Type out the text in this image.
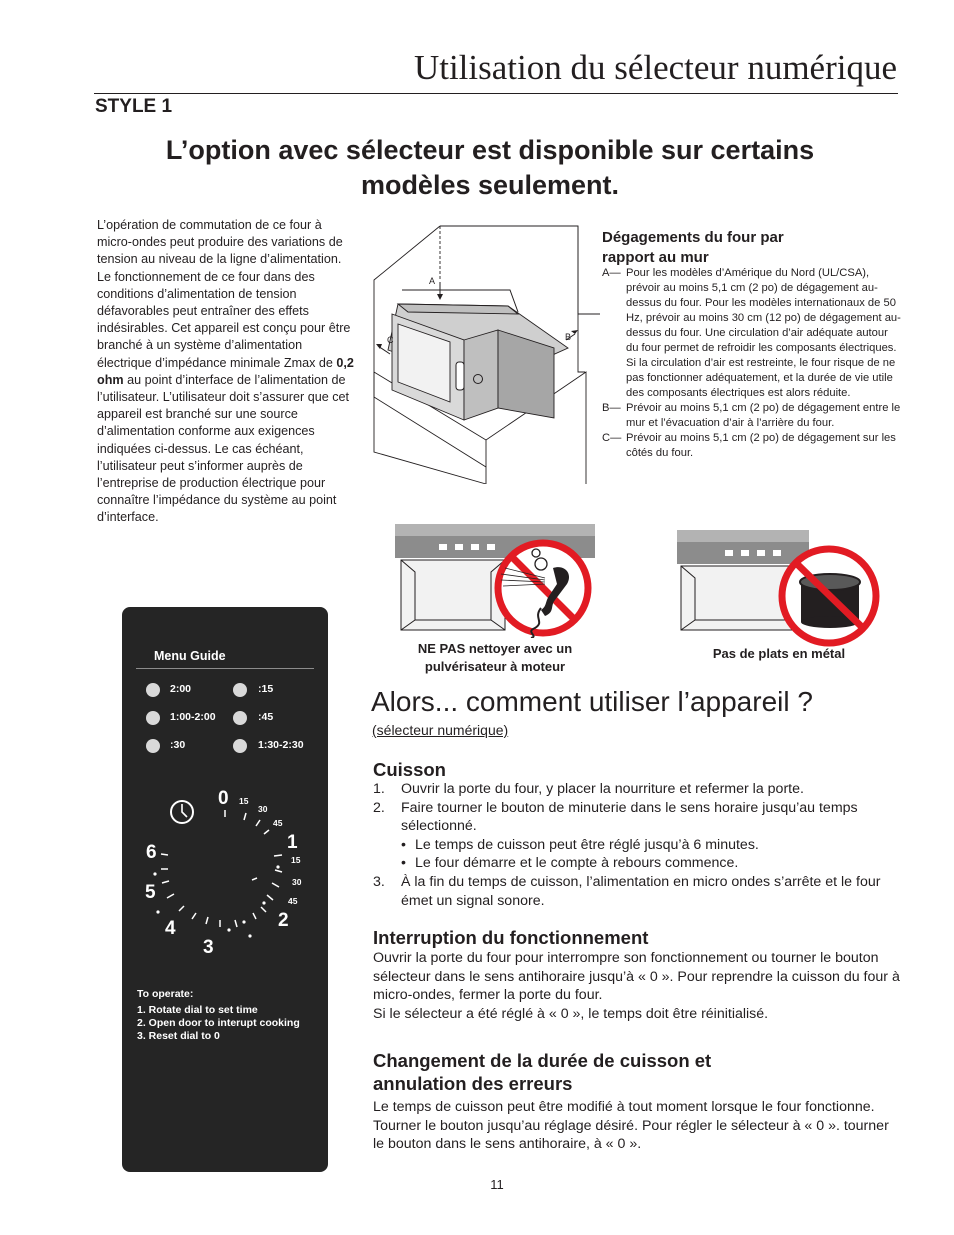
Utilisation du sélecteur numérique
STYLE 1
L’option avec sélecteur est disponible sur certains
modèles seulement.
L’opération de commutation de ce four à micro-ondes peut produire des variations de tension au niveau de la ligne d’alimentation. Le fonctionnement de ce four dans des conditions d’alimentation de tension défavorables peut entraîner des effets indésirables. Cet appareil est conçu pour être branché à un système d’alimentation électrique d’impédance minimale Zmax de 0,2 ohm au point d’interface de l’alimentation de l’utilisateur. L’utilisateur doit s’assurer que cet appareil est branché sur une source d’alimentation conforme aux exigences indiquées ci-dessus. Le cas échéant, l’utilisateur peut s’informer auprès de l’entreprise de production électrique pour connaître l’impédance du système au point d’interface.
A
B
C
Dégagements du four par
rapport au mur
A— Pour les modèles d’Amérique du Nord (UL/CSA), prévoir au moins 5,1 cm (2 po) de dégagement au-dessus du four. Pour les modèles internationaux de 50 Hz, prévoir au moins 30 cm (12 po) de dégagement au-dessus du four. Une circulation d’air adéquate autour du four permet de refroidir les composants électriques. Si la circulation d’air est restreinte, le four risque de ne pas fonctionner adéquatement, et la durée de vie utile des composants électriques est alors réduite.
B— Prévoir au moins 5,1 cm (2 po) de dégagement entre le mur et l’évacuation d’air à l’arrière du four.
C— Prévoir au moins 5,1 cm (2 po) de dégagement sur les côtés du four.
NE PAS nettoyer avec un
pulvérisateur à moteur
Pas de plats en métal
Menu Guide
2:00	:15
1:00-2:00	:45
:30	1:30-2:30
0
1
2
3
4
5
6
15
30
45
15
30
45
To operate:
1. Rotate dial to set time
2. Open door to interupt cooking
3. Reset dial to 0
Alors... comment utiliser l’appareil ?
(sélecteur numérique)
Cuisson
1. Ouvrir la porte du four, y placer la nourriture et refermer la porte.
2. Faire tourner le bouton de minuterie dans le sens horaire jusqu’au temps sélectionné.
• Le temps de cuisson peut être réglé jusqu’à 6 minutes.
• Le four démarre et le compte à rebours commence.
3. À la fin du temps de cuisson, l’alimentation en micro ondes s’arrête et le four émet un signal sonore.
Interruption du fonctionnement
Ouvrir la porte du four pour interrompre son fonctionnement ou tourner le bouton sélecteur dans le sens antihoraire jusqu’à « 0 ». Pour reprendre la cuisson du four à micro-ondes, fermer la porte du four.
Si le sélecteur a été réglé à « 0 », le temps doit être réinitialisé.
Changement de la durée de cuisson et
annulation des erreurs
Le temps de cuisson peut être modifié à tout moment lorsque le four fonctionne. Tourner le bouton jusqu’au réglage désiré. Pour régler le sélecteur à « 0 ». tourner le bouton dans le sens antihoraire, à « 0 ».
11
